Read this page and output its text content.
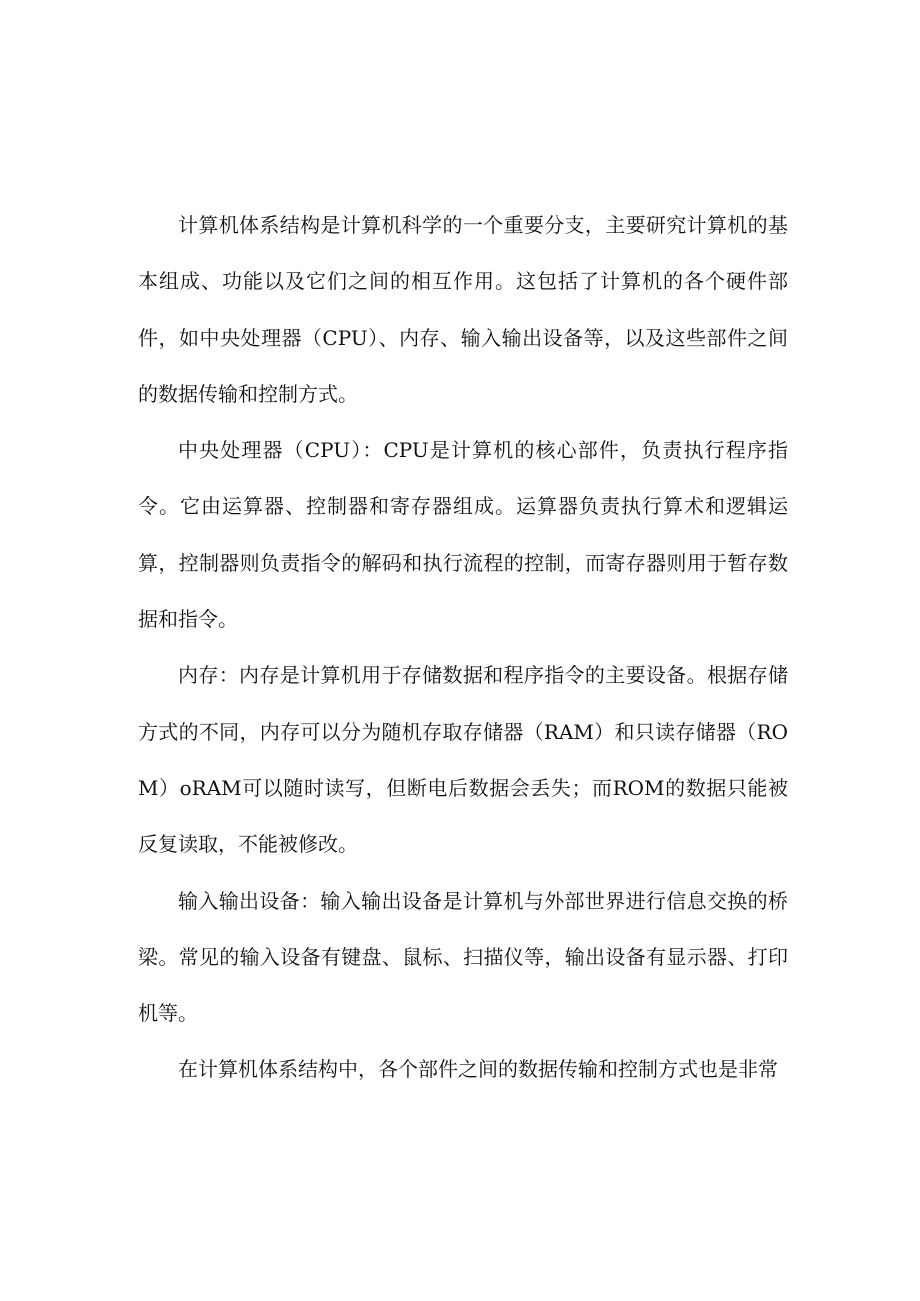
计算机体系结构是计算机科学的一个重要分支，主要研究计算机的基本组成、功能以及它们之间的相互作用。这包括了计算机的各个硬件部件，如中央处理器（CPU）、内存、输入输出设备等，以及这些部件之间的数据传输和控制方式。

中央处理器（CPU）：CPU是计算机的核心部件，负责执行程序指令。它由运算器、控制器和寄存器组成。运算器负责执行算术和逻辑运算，控制器则负责指令的解码和执行流程的控制，而寄存器则用于暂存数据和指令。

内存：内存是计算机用于存储数据和程序指令的主要设备。根据存储方式的不同，内存可以分为随机存取存储器（RAM）和只读存储器（ROM）oRAM可以随时读写，但断电后数据会丢失；而ROM的数据只能被反复读取，不能被修改。

输入输出设备：输入输出设备是计算机与外部世界进行信息交换的桥梁。常见的输入设备有键盘、鼠标、扫描仪等，输出设备有显示器、打印机等。

在计算机体系结构中，各个部件之间的数据传输和控制方式也是非常
